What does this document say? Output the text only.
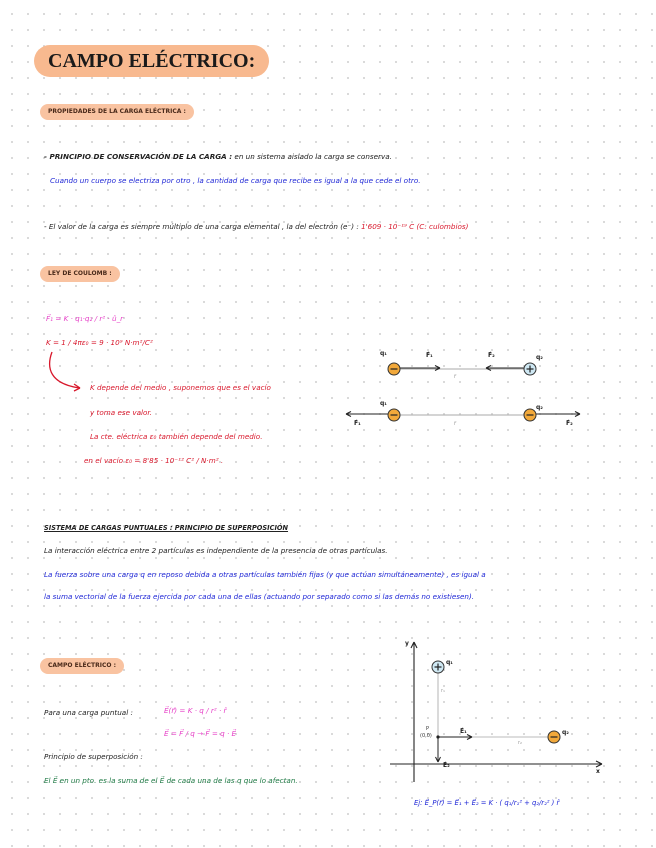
CAMPO ELÉCTRICO:
PROPIEDADES DE LA CARGA ELÉCTRICA :
- PRINCIPIO DE CONSERVACIÓN DE LA CARGA : en un sistema aislado la carga se conserva.
Cuando un cuerpo se electriza por otro , la cantidad de carga que recibe es igual a la que cede el otro.
- El valor de la carga es siempre múltiplo de una carga elemental , la del electrón (e⁻) : 1'609 · 10⁻¹⁹ C (C: culombios)
LEY DE COULOMB :
F⃗₁ = K · q₁·q₂ / r² · û_r
K = 1 / 4πε₀ = 9 · 10⁹ N·m²/C²
K depende del medio , suponemos que es el vacío
y toma ese valor.
La cte. eléctrica ε₀ también depende del medio.
en el vacío ε₀ = 8'85 · 10⁻¹² C² / N·m² .
q₁
q₂
F⃗₁	F⃗₂
r⃗
q₁
q₂
F⃗₁	F⃗₂
r⃗
SISTEMA DE CARGAS PUNTUALES : PRINCIPIO DE SUPERPOSICIÓN
La interacción eléctrica entre 2 partículas es independiente de la presencia de otras partículas.
La fuerza sobre una carga q en reposo debida a otras partículas también fijas (y que actúan simultáneamente) , es igual a
la suma vectorial de la fuerza ejercida por cada una de ellas (actuando por separado como si las demás no existiesen).
CAMPO ELÉCTRICO :
Para una carga puntual :	E⃗(r⃗) = K · q / r² · r̂
E⃗ = F⃗ / q → F⃗ = q · E⃗
Principio de superposición :
El E⃗ en un pto. es la suma de el E⃗ de cada una de las q que lo afectan.
y
x
q₁
q₂
P
(0,0)
r₁
r₂
E⃗₁
E⃗₂
Ej: E⃗_P(r⃗) = E⃗₁ + E⃗₂ = K · ( q₁/r₁² + q₂/r₂² ) r̂
